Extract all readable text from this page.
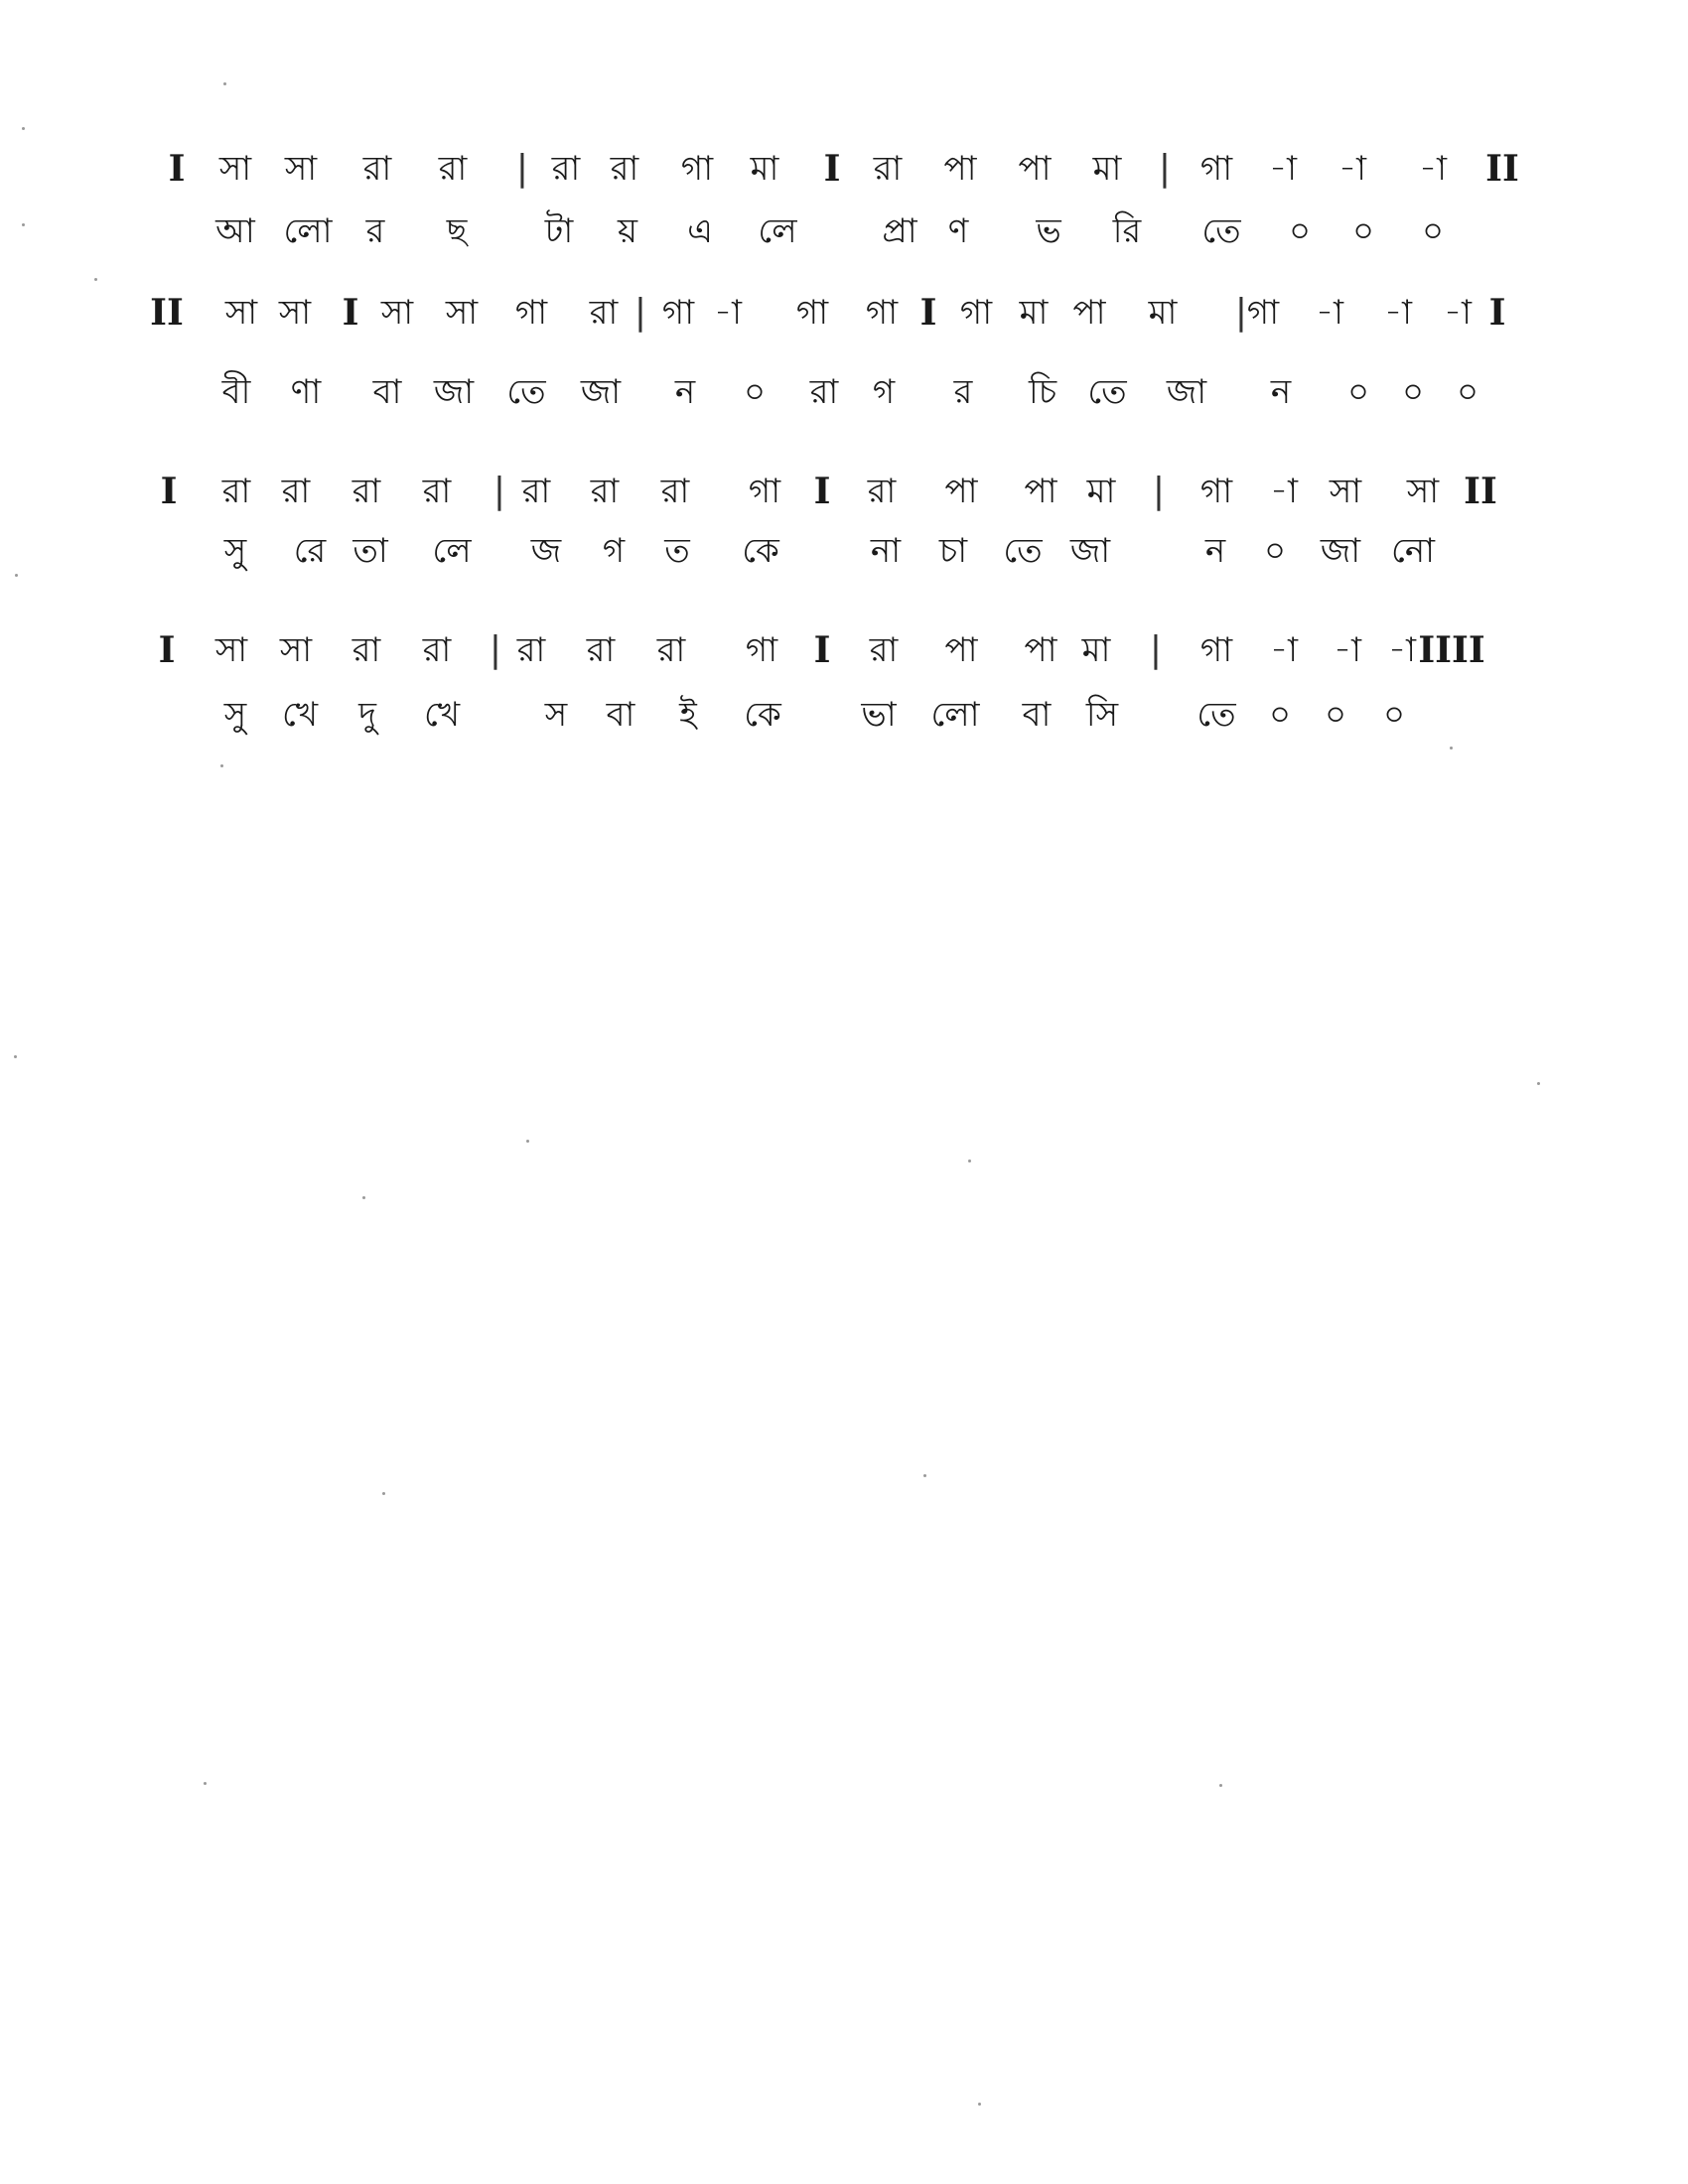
I সা সা রা রা | রা রা গা মা I রা পা পা মা | গা -া -া -া II
আ লো র ছ টা য় এ লে	প্রা ণ ভ রি তে ০ ০ ০
II সা সা I সা সা গা রা | গা -া গা গা I গা মা পা মা | গা -া -া -া I
বী ণা বা জা তে জা ন ০ রা গ র চি তে জা ন ০ ০ ০
I রা রা রা রা | রা রা রা গা I রা পা পা মা | গা -া সা সা II
সু রে তা লে জ গ ত কে	না চা তে জা	ন ০ জা নো
I সা সা রা রা | রা রা রা গা I রা পা পা মা | গা -া -া -া IIII
সু খে দু খে	স বা ই কে ভা লো বা সি তে ০ ০ ০
